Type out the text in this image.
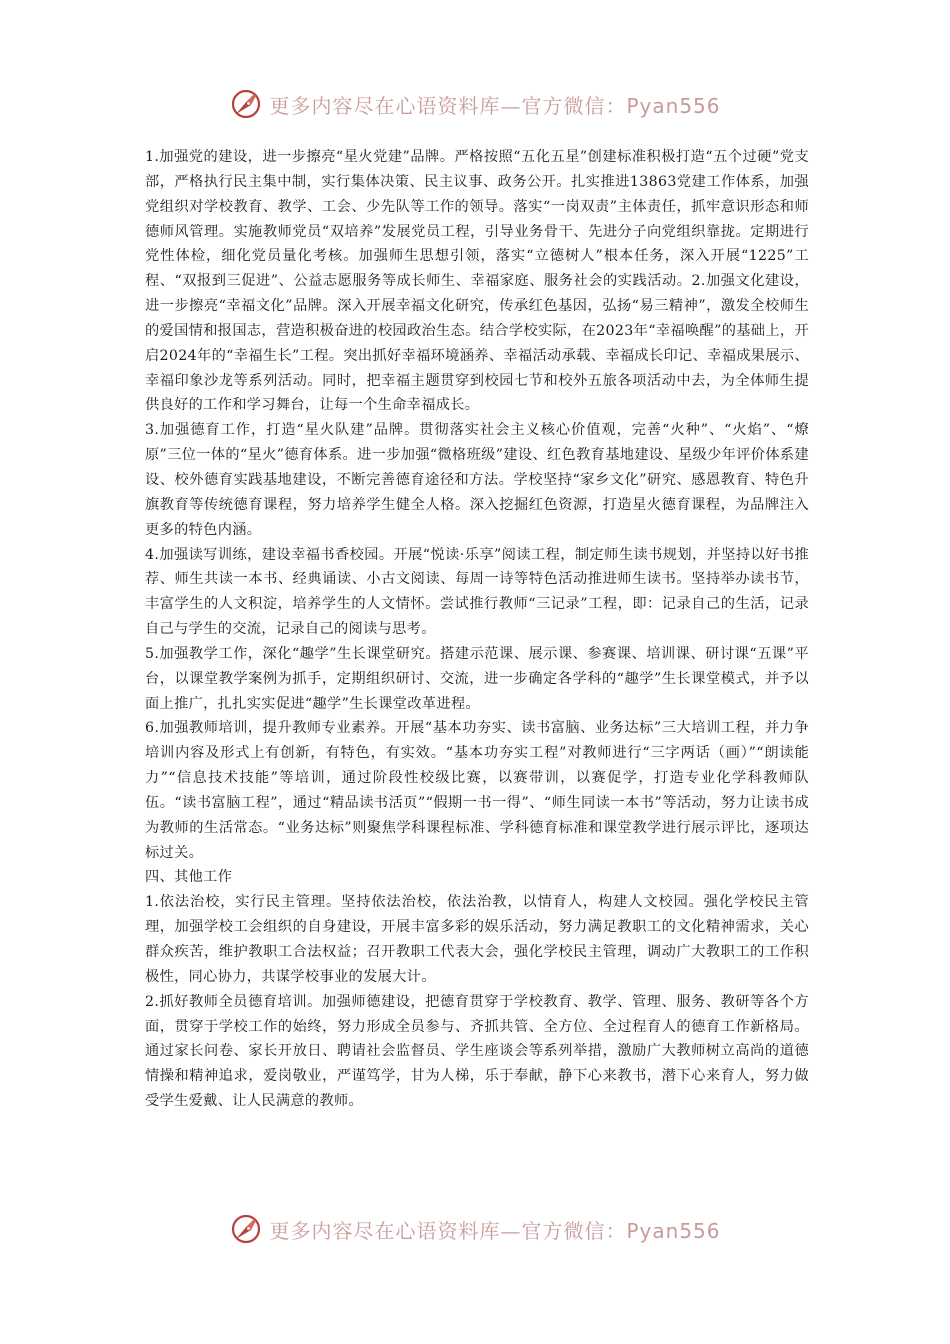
更多内容尽在心语资料库—官方微信：Pyan556

1.加强党的建设，进一步擦亮“星火党建”品牌。严格按照“五化五星”创建标准积极打造“五个过硬”党支部，严格执行民主集中制，实行集体决策、民主议事、政务公开。扎实推进13863党建工作体系，加强党组织对学校教育、教学、工会、少先队等工作的领导。落实“一岗双责”主体责任，抓牢意识形态和师德师风管理。实施教师党员“双培养”发展党员工程，引导业务骨干、先进分子向党组织靠拢。定期进行党性体检，细化党员量化考核。加强师生思想引领，落实“立德树人”根本任务，深入开展“1225”工程、“双报到三促进”、公益志愿服务等成长师生、幸福家庭、服务社会的实践活动。2.加强文化建设，进一步擦亮“幸福文化”品牌。深入开展幸福文化研究，传承红色基因，弘扬“易三精神”，激发全校师生的爱国情和报国志，营造积极奋进的校园政治生态。结合学校实际，在2023年“幸福唤醒”的基础上，开启2024年的“幸福生长”工程。突出抓好幸福环境涵养、幸福活动承载、幸福成长印记、幸福成果展示、幸福印象沙龙等系列活动。同时，把幸福主题贯穿到校园七节和校外五旅各项活动中去，为全体师生提供良好的工作和学习舞台，让每一个生命幸福成长。

3.加强德育工作，打造“星火队建”品牌。贯彻落实社会主义核心价值观，完善“火种”、“火焰”、“燎原”三位一体的“星火”德育体系。进一步加强“微格班级”建设、红色教育基地建设、星级少年评价体系建设、校外德育实践基地建设，不断完善德育途径和方法。学校坚持“家乡文化”研究、感恩教育、特色升旗教育等传统德育课程，努力培养学生健全人格。深入挖掘红色资源，打造星火德育课程，为品牌注入更多的特色内涵。

4.加强读写训练，建设幸福书香校园。开展“悦读·乐享”阅读工程，制定师生读书规划，并坚持以好书推荐、师生共读一本书、经典诵读、小古文阅读、每周一诗等特色活动推进师生读书。坚持举办读书节，丰富学生的人文积淀，培养学生的人文情怀。尝试推行教师“三记录”工程，即：记录自己的生活，记录自己与学生的交流，记录自己的阅读与思考。

5.加强教学工作，深化“趣学”生长课堂研究。搭建示范课、展示课、参赛课、培训课、研讨课“五课”平台，以课堂教学案例为抓手，定期组织研讨、交流，进一步确定各学科的“趣学”生长课堂模式，并予以面上推广，扎扎实实促进“趣学”生长课堂改革进程。

6.加强教师培训，提升教师专业素养。开展“基本功夯实、读书富脑、业务达标”三大培训工程，并力争培训内容及形式上有创新，有特色，有实效。“基本功夯实工程”对教师进行“三字两话（画）”“朗读能力”“信息技术技能”等培训，通过阶段性校级比赛，以赛带训，以赛促学，打造专业化学科教师队伍。“读书富脑工程”，通过“精品读书活页”“假期一书一得”、“师生同读一本书”等活动，努力让读书成为教师的生活常态。“业务达标”则聚焦学科课程标准、学科德育标准和课堂教学进行展示评比，逐项达标过关。

四、其他工作

1.依法治校，实行民主管理。坚持依法治校，依法治教，以情育人，构建人文校园。强化学校民主管理，加强学校工会组织的自身建设，开展丰富多彩的娱乐活动，努力满足教职工的文化精神需求，关心群众疾苦，维护教职工合法权益；召开教职工代表大会，强化学校民主管理，调动广大教职工的工作积极性，同心协力，共谋学校事业的发展大计。

2.抓好教师全员德育培训。加强师德建设，把德育贯穿于学校教育、教学、管理、服务、教研等各个方面，贯穿于学校工作的始终，努力形成全员参与、齐抓共管、全方位、全过程育人的德育工作新格局。通过家长问卷、家长开放日、聘请社会监督员、学生座谈会等系列举措，激励广大教师树立高尚的道德情操和精神追求，爱岗敬业，严谨笃学，甘为人梯，乐于奉献，静下心来教书，潜下心来育人，努力做受学生爱戴、让人民满意的教师。

更多内容尽在心语资料库—官方微信：Pyan556
